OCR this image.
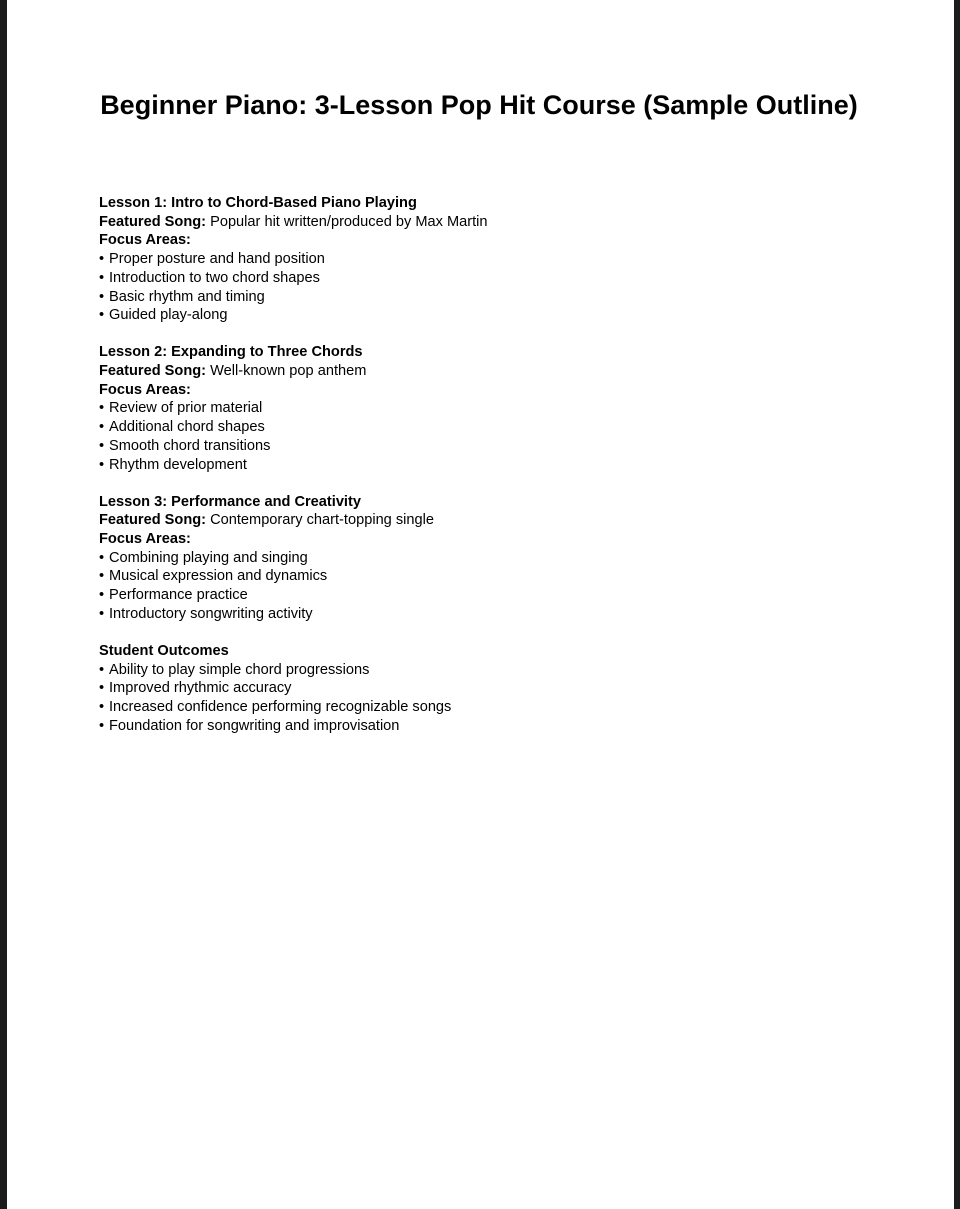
Beginner Piano: 3-Lesson Pop Hit Course (Sample Outline)

Lesson 1: Intro to Chord-Based Piano Playing

Featured Song: Popular hit written/produced by Max Martin

Focus Areas:

• Proper posture and hand position
• Introduction to two chord shapes
• Basic rhythm and timing
• Guided play-along

Lesson 2: Expanding to Three Chords

Featured Song: Well-known pop anthem

Focus Areas:

• Review of prior material
• Additional chord shapes
• Smooth chord transitions
• Rhythm development

Lesson 3: Performance and Creativity

Featured Song: Contemporary chart-topping single

Focus Areas:

• Combining playing and singing
• Musical expression and dynamics
• Performance practice
• Introductory songwriting activity

Student Outcomes

• Ability to play simple chord progressions
• Improved rhythmic accuracy
• Increased confidence performing recognizable songs
• Foundation for songwriting and improvisation
